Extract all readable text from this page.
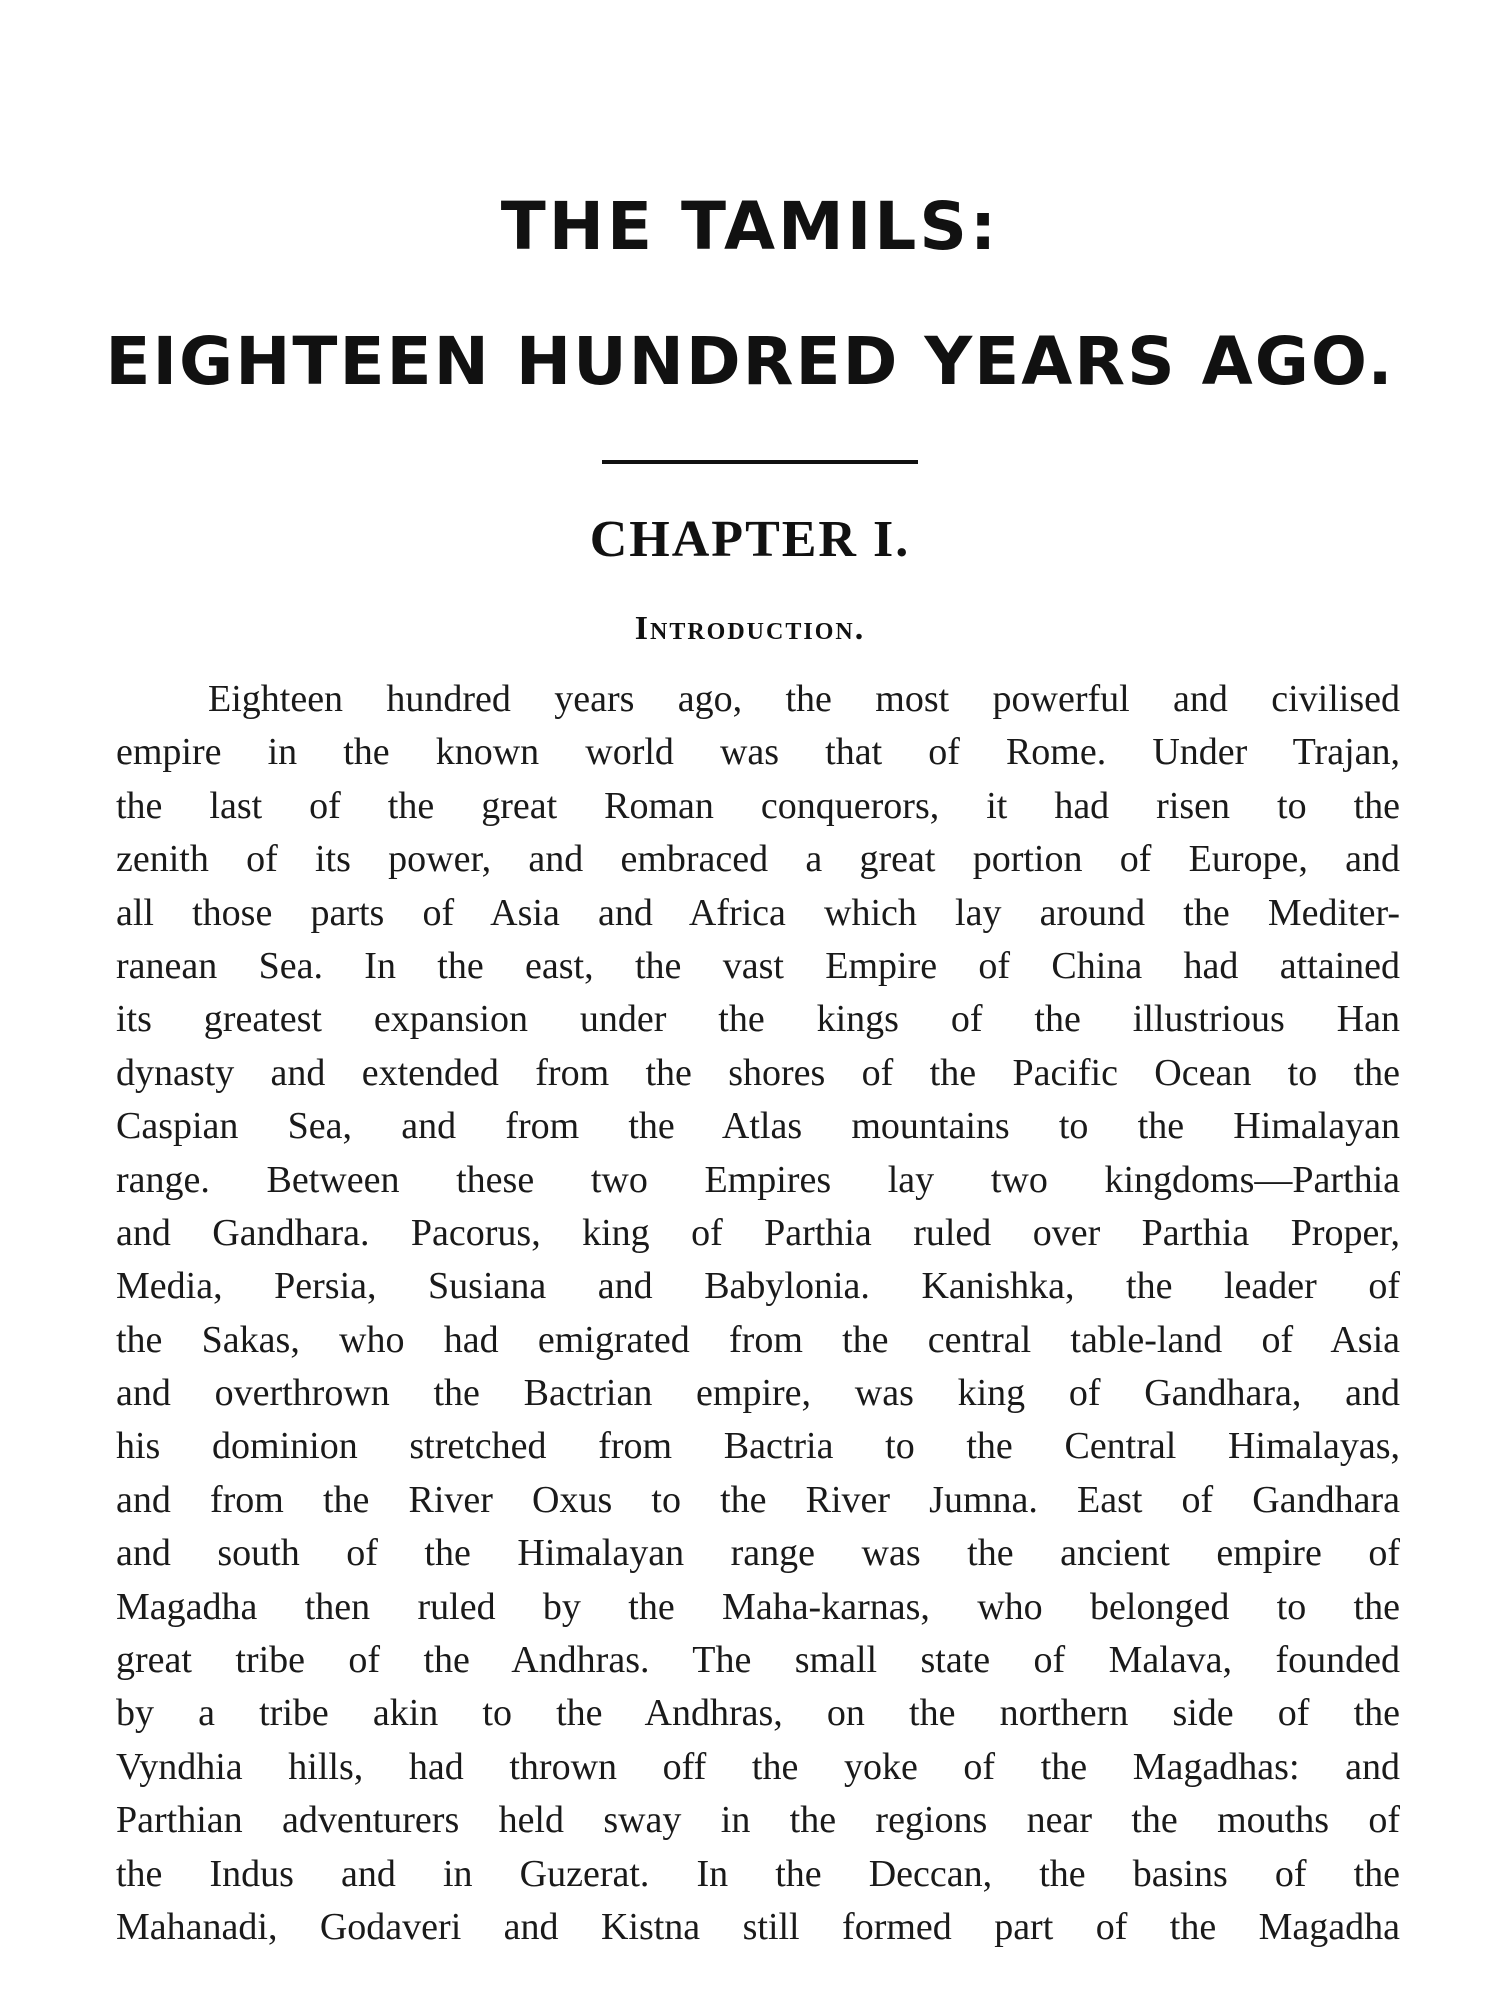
THE TAMILS:
EIGHTEEN HUNDRED YEARS AGO.
CHAPTER I.
Introduction.
Eighteen hundred years ago, the most powerful and civilised
empire in the known world was that of Rome. Under Trajan,
the last of the great Roman conquerors, it had risen to the
zenith of its power, and embraced a great portion of Europe, and
all those parts of Asia and Africa which lay around the Mediter-
ranean Sea. In the east, the vast Empire of China had attained
its greatest expansion under the kings of the illustrious Han
dynasty and extended from the shores of the Pacific Ocean to the
Caspian Sea, and from the Atlas mountains to the Himalayan
range. Between these two Empires lay two kingdoms—Parthia
and Gandhara. Pacorus, king of Parthia ruled over Parthia Proper,
Media, Persia, Susiana and Babylonia. Kanishka, the leader of
the Sakas, who had emigrated from the central table-land of Asia
and overthrown the Bactrian empire, was king of Gandhara, and
his dominion stretched from Bactria to the Central Himalayas,
and from the River Oxus to the River Jumna. East of Gandhara
and south of the Himalayan range was the ancient empire of
Magadha then ruled by the Maha-karnas, who belonged to the
great tribe of the Andhras. The small state of Malava, founded
by a tribe akin to the Andhras, on the northern side of the
Vyndhia hills, had thrown off the yoke of the Magadhas: and
Parthian adventurers held sway in the regions near the mouths of
the Indus and in Guzerat. In the Deccan, the basins of the
Mahanadi, Godaveri and Kistna still formed part of the Magadha
